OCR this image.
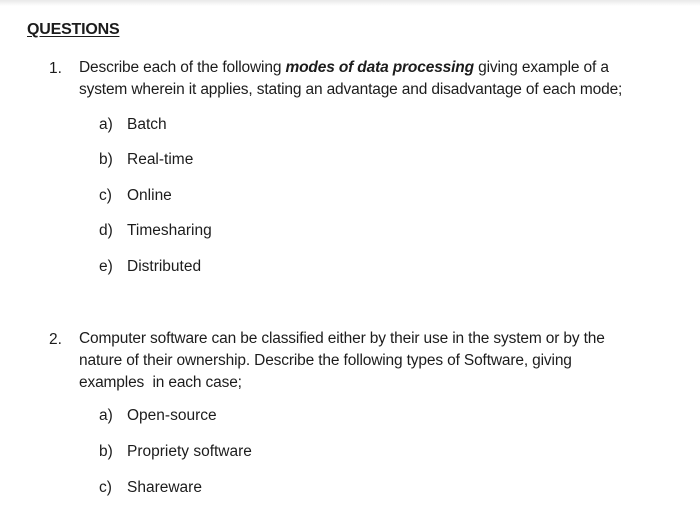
QUESTIONS
1. Describe each of the following modes of data processing giving example of a
system wherein it applies, stating an advantage and disadvantage of each mode;
a) Batch
b) Real-time
c) Online
d) Timesharing
e) Distributed
2. Computer software can be classified either by their use in the system or by the
nature of their ownership. Describe the following types of Software, giving
examples  in each case;
a) Open-source
b) Propriety software
c) Shareware
